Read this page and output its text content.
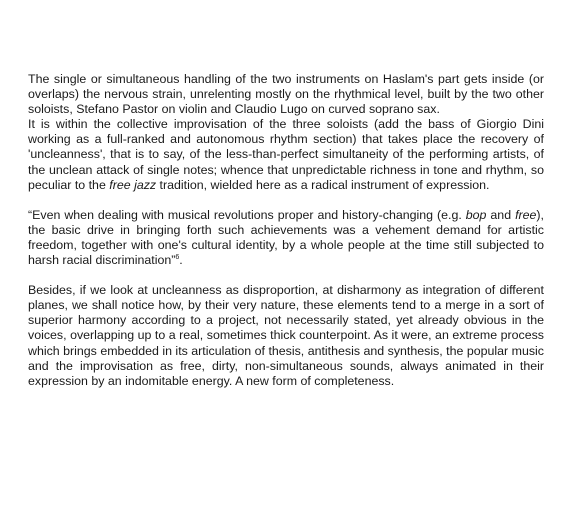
The single or simultaneous handling of the two instruments on Haslam's part gets inside (or overlaps) the nervous strain, unrelenting mostly on the rhythmical level, built by the two other soloists, Stefano Pastor on violin and Claudio Lugo on curved soprano sax.

It is within the collective improvisation of the three soloists (add the bass of Giorgio Dini working as a full-ranked and autonomous rhythm section) that takes place the recovery of 'uncleanness', that is to say, of the less-than-perfect simultaneity of the performing artists, of the unclean attack of single notes; whence that unpredictable richness in tone and rhythm, so peculiar to the free jazz tradition, wielded here as a radical instrument of expression.

“Even when dealing with musical revolutions proper and history-changing (e.g. bop and free), the basic drive in bringing forth such achievements was a vehement demand for artistic freedom, together with one's cultural identity, by a whole people at the time still subjected to harsh racial discrimination”$^6$.

Besides, if we look at uncleanness as disproportion, at disharmony as integration of different planes, we shall notice how, by their very nature, these elements tend to a merge in a sort of superior harmony according to a project, not necessarily stated, yet already obvious in the voices, overlapping up to a real, sometimes thick counterpoint. As it were, an extreme process which brings embedded in its articulation of thesis, antithesis and synthesis, the popular music and the improvisation as free, dirty, non-simultaneous sounds, always animated in their expression by an indomitable energy. A new form of completeness.
